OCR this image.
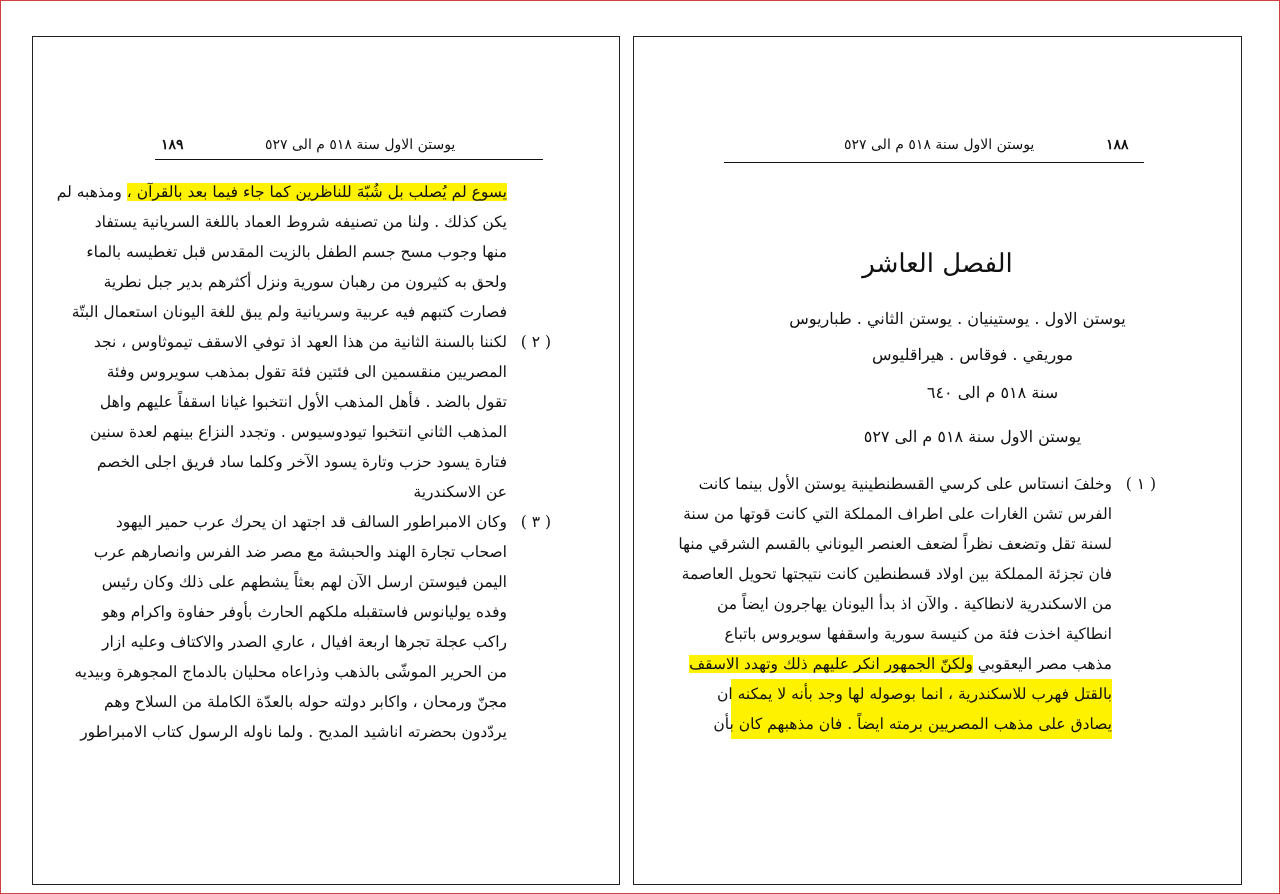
يوستن الاول سنة ٥١٨ م الى ٥٢٧
١٨٩
يسوع لم يُصلب بل شُبّهَ للناظرين كما جاء فيما بعد بالقرآن ، ومذهبه لم
يكن كذلك . ولنا من تصنيفه شروط العماد باللغة السريانية يستفاد
منها وجوب مسح جسم الطفل بالزيت المقدس قبل تغطيسه بالماء
ولحق به كثيرون من رهبان سورية ونزل أكثرهم بدير جبل نطرية
فصارت كتبهم فيه عربية وسريانية ولم يبق للغة اليونان استعمال البتّة
( ٢ )
لكننا بالسنة الثانية من هذا العهد اذ توفي الاسقف تيموثاوس ، نجد
المصريين منقسمين الى فئتين فئة تقول بمذهب سويروس وفئة
تقول بالضد . فأهل المذهب الأول انتخبوا غيانا اسقفاً عليهم واهل
المذهب الثاني انتخبوا تيودوسيوس . وتجدد النزاع بينهم لعدة سنين
فتارة يسود حزب وتارة يسود الآخر وكلما ساد فريق اجلى الخصم
عن الاسكندرية
( ٣ )
وكان الامبراطور السالف قد اجتهد ان يحرك عرب حمير اليهود
اصحاب تجارة الهند والحبشة مع مصر ضد الفرس وانصارهم عرب
اليمن فيوستن ارسل الآن لهم بعثاً يشطهم على ذلك وكان رئيس
وفده يوليانوس فاستقبله ملكهم الحارث بأوفر حفاوة واكرام وهو
راكب عجلة تجرها اربعة افيال ، عاري الصدر والاكتاف وعليه ازار
من الحرير الموشّى بالذهب وذراعاه محليان بالدماج المجوهرة وبيديه
مجنّ ورمحان ، واكابر دولته حوله بالعدّة الكاملة من السلاح وهم
يردّدون بحضرته اناشيد المديح . ولما ناوله الرسول كتاب الامبراطور
١٨٨
يوستن الاول سنة ٥١٨ م الى ٥٢٧
الفصل العاشر
يوستن الاول . يوستينيان . يوستن الثاني . طباريوس
موريقي . فوقاس . هيراقليوس
سنة ٥١٨ م الى ٦٤٠
يوستن الاول سنة ٥١٨ م الى ٥٢٧
( ١ )
وخلفَ انستاس على كرسي القسطنطينية يوستن الأول بينما كانت
الفرس تشن الغارات على اطراف المملكة التي كانت قوتها من سنة
لسنة تقل وتضعف نظراً لضعف العنصر اليوناني بالقسم الشرقي منها
فان تجزئة المملكة بين اولاد قسطنطين كانت نتيجتها تحويل العاصمة
من الاسكندرية لانطاكية . والآن اذ بدأ اليونان يهاجرون ايضاً من
انطاكية اخذت فئة من كنيسة سورية واسقفها سويروس باتباع
مذهب مصر اليعقوبي ولكنّ الجمهور انكر عليهم ذلك وتهدد الاسقف
بالقتل فهرب للاسكندرية ، انما بوصوله لها وجد بأنه لا يمكنه ان
يصادق على مذهب المصريين برمته ايضاً . فان مذهبهم كان بأن
